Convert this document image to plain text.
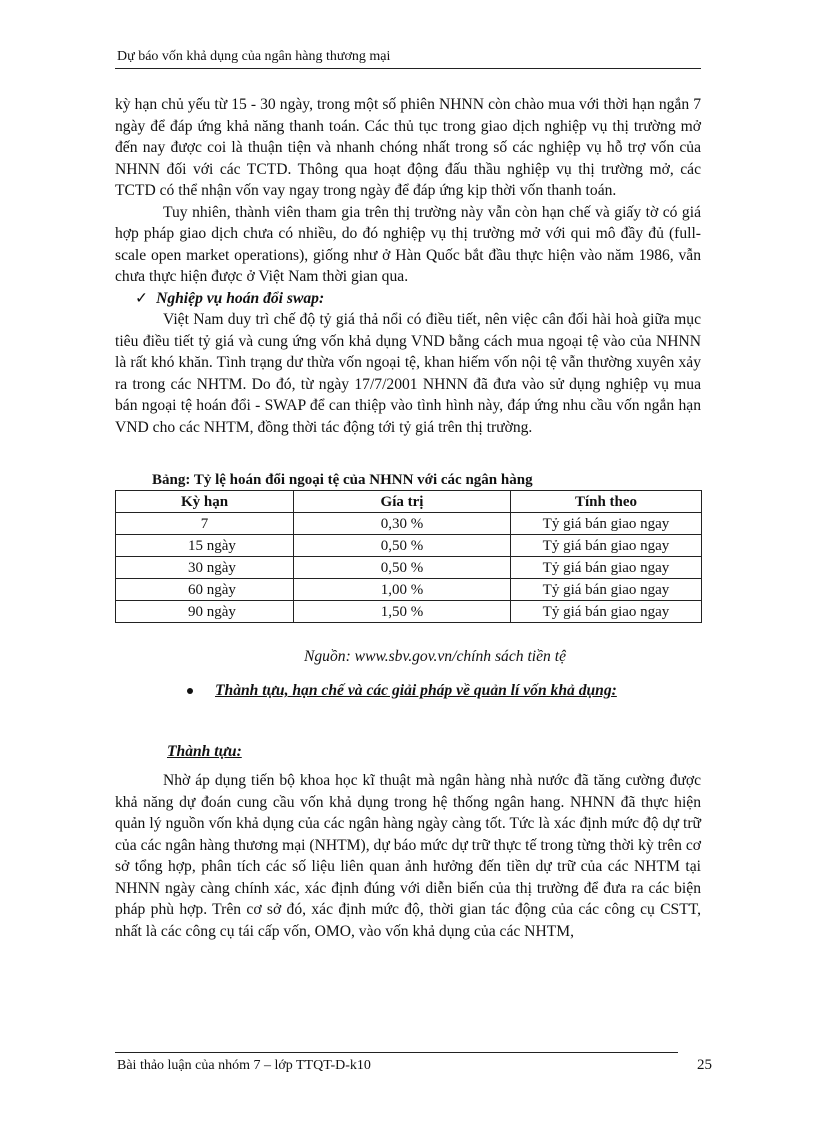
Dự báo vốn khả dụng của ngân hàng thương mại

kỳ hạn chủ yếu từ 15 - 30 ngày, trong một số phiên NHNN còn chào mua với thời hạn ngắn 7 ngày để đáp ứng khả năng thanh toán. Các thủ tục trong giao dịch nghiệp vụ thị trường mở đến nay được coi là thuận tiện và nhanh chóng nhất trong số các nghiệp vụ hỗ trợ vốn của NHNN đối với các TCTD. Thông qua hoạt động đấu thầu nghiệp vụ thị trường mở, các TCTD có thể nhận vốn vay ngay trong ngày để đáp ứng kịp thời vốn thanh toán.

Tuy nhiên, thành viên tham gia trên thị trường này vẫn còn hạn chế và giấy tờ có giá hợp pháp giao dịch chưa có nhiều, do đó nghiệp vụ thị trường mở với qui mô đầy đủ (full-scale open market operations), giống như ở Hàn Quốc bắt đầu thực hiện vào năm 1986, vẫn chưa thực hiện được ở Việt Nam thời gian qua.

✓ Nghiệp vụ hoán đổi swap:

Việt Nam duy trì chế độ tỷ giá thả nổi có điều tiết, nên việc cân đối hài hoà giữa mục tiêu điều tiết tỷ giá và cung ứng vốn khả dụng VND bằng cách mua ngoại tệ vào của NHNN là rất khó khăn. Tình trạng dư thừa vốn ngoại tệ, khan hiếm vốn nội tệ vẫn thường xuyên xảy ra trong các NHTM. Do đó, từ ngày 17/7/2001 NHNN đã đưa vào sử dụng nghiệp vụ mua bán ngoại tệ hoán đổi - SWAP để can thiệp vào tình hình này, đáp ứng nhu cầu vốn ngắn hạn VND cho các NHTM, đồng thời tác động tới tỷ giá trên thị trường.

Bảng: Tỷ lệ hoán đổi ngoại tệ của NHNN với các ngân hàng

Kỳ hạn	Gía trị	Tính theo
7	0,30 %	Tỷ giá bán giao ngay
15 ngày	0,50 %	Tỷ giá bán giao ngay
30 ngày	0,50 %	Tỷ giá bán giao ngay
60 ngày	1,00 %	Tỷ giá bán giao ngay
90 ngày	1,50 %	Tỷ giá bán giao ngay

Nguồn: www.sbv.gov.vn/chính sách tiền tệ

Thành tựu, hạn chế và các giải pháp về quản lí vốn khả dụng:

Thành tựu:

Nhờ áp dụng tiến bộ khoa học kĩ thuật mà ngân hàng nhà nước đã tăng cường được khả năng dự đoán cung cầu vốn khả dụng trong hệ thống ngân hang. NHNN đã thực hiện quản lý nguồn vốn khả dụng của các ngân hàng ngày càng tốt. Tức là xác định mức độ dự trữ của các ngân hàng thương mại (NHTM), dự báo mức dự trữ thực tế trong từng thời kỳ trên cơ sở tổng hợp, phân tích các số liệu liên quan ảnh hưởng đến tiền dự trữ của các NHTM tại NHNN ngày càng chính xác, xác định đúng với diễn biến của thị trường để đưa ra các biện pháp phù hợp. Trên cơ sở đó, xác định mức độ, thời gian tác động của các công cụ CSTT, nhất là các công cụ tái cấp vốn, OMO, vào vốn khả dụng của các NHTM,

Bài thảo luận của nhóm 7 – lớp TTQT-D-k10	25
